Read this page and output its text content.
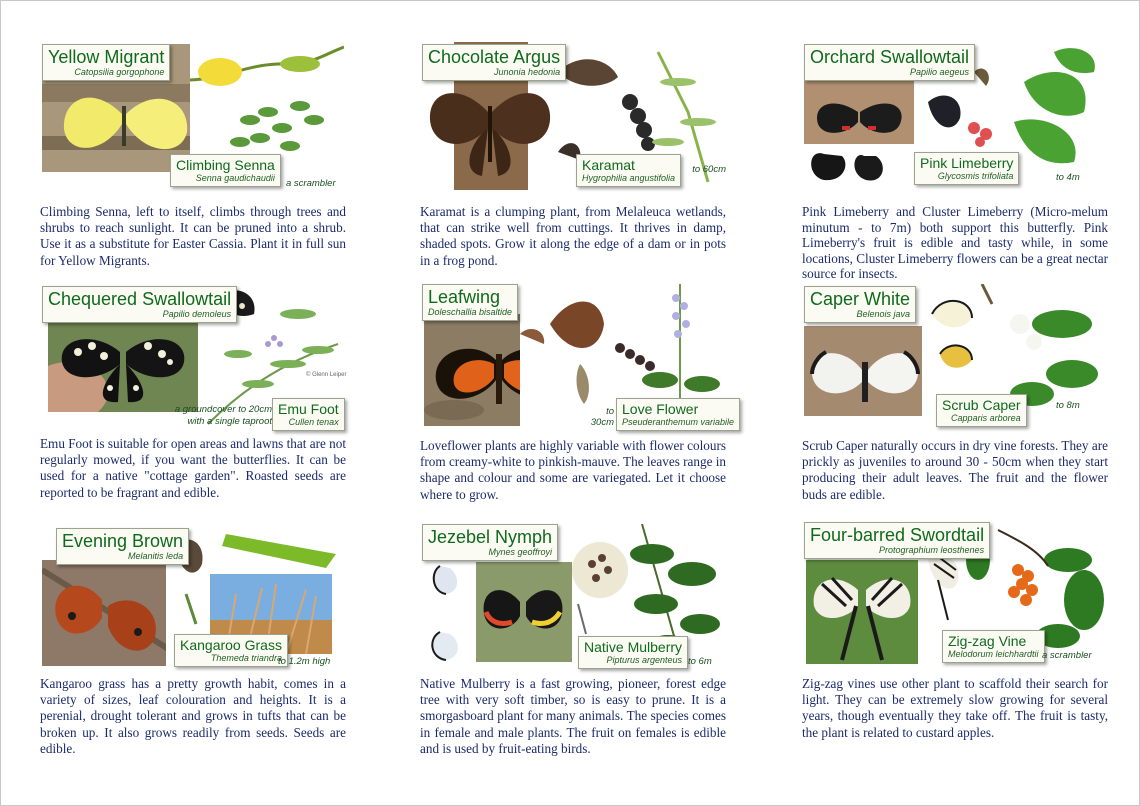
Yellow Migrant
Catopsilia gorgophone
Climbing Senna
Senna gaudichaudii a scrambler

Climbing Senna, left to itself, climbs through trees and shrubs to reach sunlight. It can be pruned into a shrub. Use it as a substitute for Easter Cassia. Plant it in full sun for Yellow Migrants.

Chocolate Argus
Junonia hedonia
Karamat
Hygrophilia angustifolia
to 60cm

Karamat is a clumping plant, from Melaleuca wetlands, that can strike well from cuttings. It thrives in damp, shaded spots. Grow it along the edge of a dam or in pots in a frog pond.

Orchard Swallowtail
Papilio aegeus
Pink Limeberry
Glycosmis trifoliata	to 4m

Pink Limeberry and Cluster Limeberry (Micro-melum minutum - to 7m) both support this butterfly. Pink Limeberry's fruit is edible and tasty while, in some locations, Cluster Limeberry flowers can be a great nectar source for insects.

Chequered Swallowtail
Papilio demoleus
Emu Foot
Cullen tenax
a groundcover to 20cm with a single taproot
© Glenn Leiper

Emu Foot is suitable for open areas and lawns that are not regularly mowed, if you want the butterflies. It can be used for a native "cottage garden". Roasted seeds are reported to be fragrant and edible.

Leafwing
Doleschallia bisaltide
Love Flower
Pseuderanthemum variabile
to 30cm

Loveflower plants are highly variable with flower colours from creamy-white to pinkish-mauve. The leaves range in shape and colour and some are variegated. Let it choose where to grow.

Caper White
Belenois java
Scrub Caper
Capparis arborea
to 8m

Scrub Caper naturally occurs in dry vine forests. They are prickly as juveniles to around 30 - 50cm when they start producing their adult leaves. The fruit and the flower buds are edible.

Evening Brown
Melanitis leda
Kangaroo Grass
Themeda triandra
to 1.2m high

Kangaroo grass has a pretty growth habit, comes in a variety of sizes, leaf colouration and heights. It is a perenial, drought tolerant and grows in tufts that can be broken up. It also grows readily from seeds. Seeds are edible.

Jezebel Nymph
Mynes geoffroyi
Native Mulberry
Pipturus argenteus to 6m

Native Mulberry is a fast growing, pioneer, forest edge tree with very soft timber, so is easy to prune. It is a smorgasboard plant for many animals. The species comes in female and male plants. The fruit on females is edible and is used by fruit-eating birds.

Four-barred Swordtail
Protographium leosthenes
Zig-zag Vine
Melodorum leichhardtii a scrambler

Zig-zag vines use other plant to scaffold their search for light. They can be extremely slow growing for several years, though eventually they take off. The fruit is tasty, the plant is related to custard apples.
